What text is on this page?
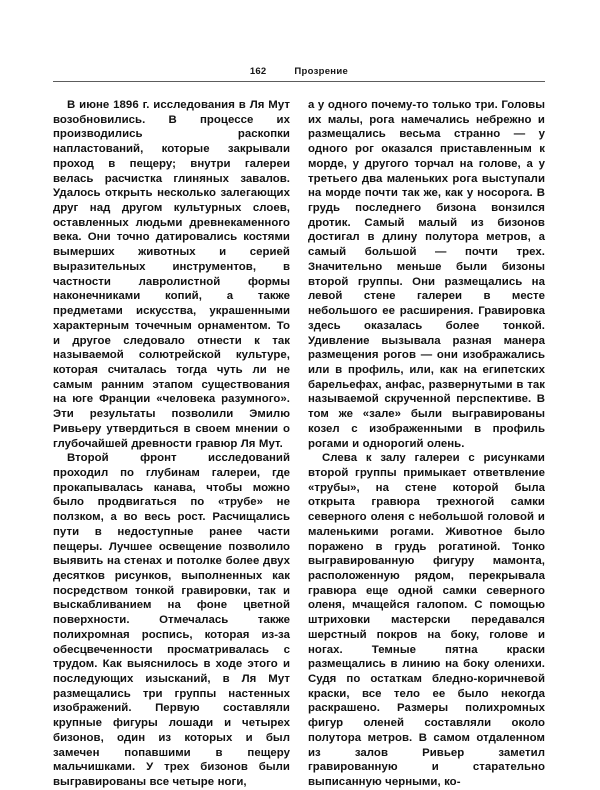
162	Прозрение

В июне 1896 г. исследования в Ля Мут возобновились. В процессе их производились раскопки напластований, которые закрывали проход в пещеру; внутри галереи велась расчистка глиняных завалов. Удалось открыть несколько залегающих друг над другом культурных слоев, оставленных людьми древнекаменного века. Они точно датировались костями вымерших животных и серией выразительных инструментов, в частности лавролистной формы наконечниками копий, а также предметами искусства, украшенными характерным точечным орнаментом. То и другое следовало отнести к так называемой солютрейской культуре, которая считалась тогда чуть ли не самым ранним этапом существования на юге Франции «человека разумного». Эти результаты позволили Эмилю Ривьеру утвердиться в своем мнении о глубочайшей древности гравюр Ля Мут.

Второй фронт исследований проходил по глубинам галереи, где прокапывалась канава, чтобы можно было продвигаться по «трубе» не ползком, а во весь рост. Расчищались пути в недоступные ранее части пещеры. Лучшее освещение позволило выявить на стенах и потолке более двух десятков рисунков, выполненных как посредством тонкой гравировки, так и выскабливанием на фоне цветной поверхности. Отмечалась также полихромная роспись, которая из-за обесцвеченности просматривалась с трудом. Как выяснилось в ходе этого и последующих изысканий, в Ля Мут размещались три группы настенных изображений. Первую составляли крупные фигуры лошади и четырех бизонов, один из которых и был замечен попавшими в пещеру мальчишками. У трех бизонов были выгравированы все четыре ноги,

а у одного почему-то только три. Головы их малы, рога намечались небрежно и размещались весьма странно — у одного рог оказался приставленным к морде, у другого торчал на голове, а у третьего два маленьких рога выступали на морде почти так же, как у носорога. В грудь последнего бизона вонзился дротик. Самый малый из бизонов достигал в длину полутора метров, а самый большой — почти трех. Значительно меньше были бизоны второй группы. Они размещались на левой стене галереи в месте небольшого ее расширения. Гравировка здесь оказалась более тонкой. Удивление вызывала разная манера размещения рогов — они изображались или в профиль, или, как на египетских барельефах, анфас, развернутыми в так называемой скрученной перспективе. В том же «зале» были выгравированы козел с изображенными в профиль рогами и однорогий олень.

Слева к залу галереи с рисунками второй группы примыкает ответвление «трубы», на стене которой была открыта гравюра трехногой самки северного оленя с небольшой головой и маленькими рогами. Животное было поражено в грудь рогатиной. Тонко выгравированную фигуру мамонта, расположенную рядом, перекрывала гравюра еще одной самки северного оленя, мчащейся галопом. С помощью штриховки мастерски передавался шерстный покров на боку, голове и ногах. Темные пятна краски размещались в линию на боку оленихи. Судя по остаткам бледно-коричневой краски, все тело ее было некогда раскрашено. Размеры полихромных фигур оленей составляли около полутора метров. В самом отдаленном из залов Ривьер заметил гравированную и старательно выписанную черными, ко-
